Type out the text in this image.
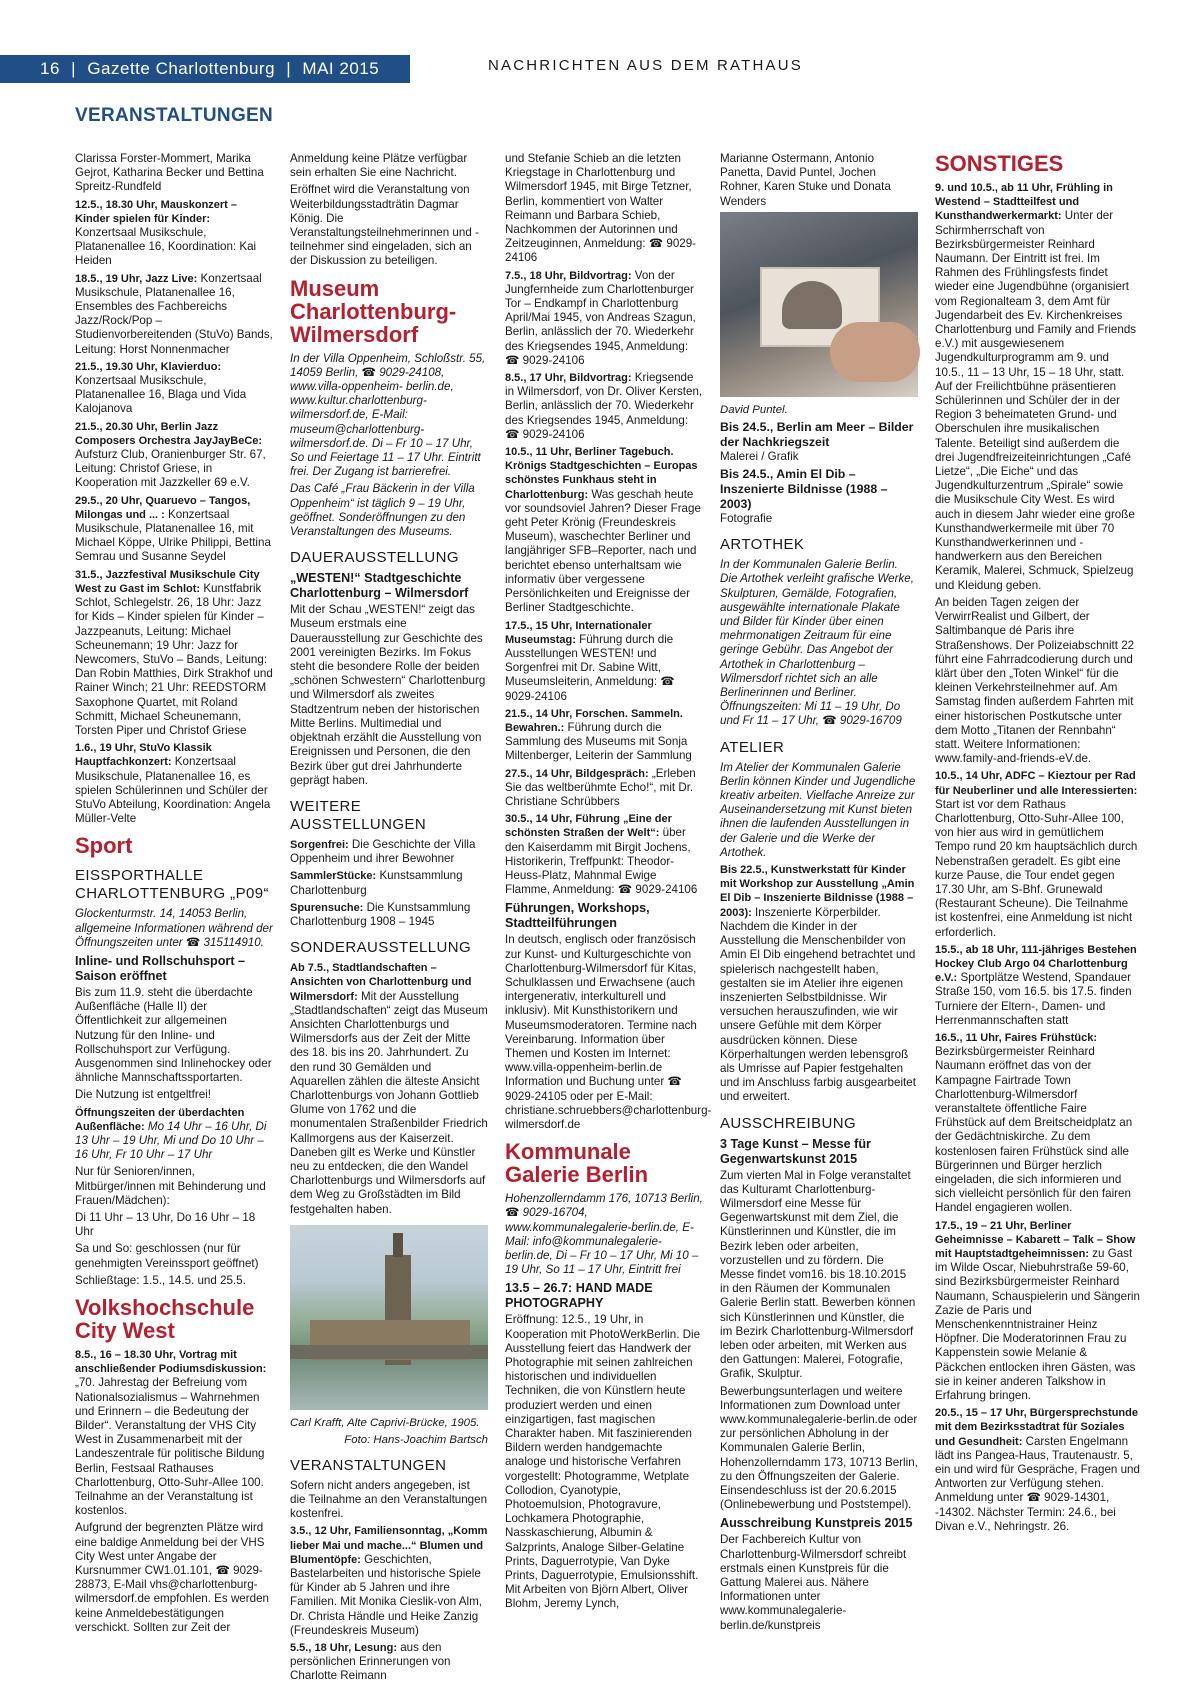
16 | Gazette Charlottenburg | MAI 2015	NACHRICHTEN AUS DEM RATHAUS
VERANSTALTUNGEN

Clarissa Forster-Mommert, Marika Gejrot, Katharina Becker und Bettina Spreitz-Rundfeld

12.5., 18.30 Uhr, Mauskonzert – Kinder spielen für Kinder: Konzertsaal Musikschule, Platanenallee 16, Koordination: Kai Heiden

18.5., 19 Uhr, Jazz Live: Konzertsaal Musikschule, Platanenallee 16, Ensembles des Fachbereichs Jazz/Rock/Pop – Studienvorbereitenden (StuVo) Bands, Leitung: Horst Nonnenmacher

21.5., 19.30 Uhr, Klavierduo: Konzertsaal Musikschule, Platanenallee 16, Blaga und Vida Kalojanova

21.5., 20.30 Uhr, Berlin Jazz Composers Orchestra JayJayBeCe: Aufsturz Club, Oranienburger Str. 67, Leitung: Christof Griese, in Kooperation mit Jazzkeller 69 e.V.

29.5., 20 Uhr, Quaruevo – Tangos, Milongas und ... : Konzertsaal Musikschule, Platanenallee 16, mit Michael Köppe, Ulrike Philippi, Bettina Semrau und Susanne Seydel

31.5., Jazzfestival Musikschule City West zu Gast im Schlot: Kunstfabrik Schlot, Schlegelstr. 26, 18 Uhr: Jazz for Kids – Kinder spielen für Kinder – Jazzpeanuts, Leitung: Michael Scheunemann; 19 Uhr: Jazz for Newcomers, StuVo – Bands, Leitung: Dan Robin Matthies, Dirk Strakhof und Rainer Winch; 21 Uhr: REEDSTORM Saxophone Quartet, mit Roland Schmitt, Michael Scheunemann, Torsten Piper und Christof Griese

1.6., 19 Uhr, StuVo Klassik Hauptfachkonzert: Konzertsaal Musikschule, Platanenallee 16, es spielen Schülerinnen und Schüler der StuVo Abteilung, Koordination: Angela Müller-Velte

Sport
EISSPORTHALLE CHARLOTTENBURG „P09“

Glockenturmstr. 14, 14053 Berlin, allgemeine Informationen während der Öffnungszeiten unter ☎ 315114910.

Inline- und Rollschuhsport – Saison eröffnet

Bis zum 11.9. steht die überdachte Außenfläche (Halle II) der Öffentlichkeit zur allgemeinen Nutzung für den Inline- und Rollschuhsport zur Verfügung. Ausgenommen sind Inlinehockey oder ähnliche Mannschaftssportarten.

Die Nutzung ist entgeltfrei!

Öffnungszeiten der überdachten Außenfläche: Mo 14 Uhr – 16 Uhr, Di 13 Uhr – 19 Uhr, Mi und Do 10 Uhr – 16 Uhr, Fr 10 Uhr – 17 Uhr

Nur für Senioren/innen, Mitbürger/innen mit Behinderung und Frauen/Mädchen):

Di 11 Uhr – 13 Uhr, Do 16 Uhr – 18 Uhr

Sa und So: geschlossen (nur für genehmigten Vereinssport geöffnet)

Schließtage: 1.5., 14.5. und 25.5.

Volkshochschule City West

8.5., 16 – 18.30 Uhr, Vortrag mit anschließender Podiumsdiskussion: „70. Jahrestag der Befreiung vom Nationalsozialismus – Wahrnehmen und Erinnern – die Bedeutung der Bilder“. Veranstaltung der VHS City West in Zusammenarbeit mit der Landeszentrale für politische Bildung Berlin, Festsaal Rathauses Charlottenburg, Otto-Suhr-Allee 100. Teilnahme an der Veranstaltung ist kostenlos.

Aufgrund der begrenzten Plätze wird eine baldige Anmeldung bei der VHS City West unter Angabe der Kursnummer CW1.01.101, ☎ 9029-28873, E-Mail vhs@charlottenburg-wilmersdorf.de empfohlen. Es werden keine Anmeldebestätigungen verschickt. Sollten zur Zeit der

Anmeldung keine Plätze verfügbar sein erhalten Sie eine Nachricht.

Eröffnet wird die Veranstaltung von Weiterbildungsstadträtin Dagmar König. Die Veranstaltungsteilnehmerinnen und -teilnehmer sind eingeladen, sich an der Diskussion zu beteiligen.

Museum Charlottenburg-Wilmersdorf

In der Villa Oppenheim, Schloßstr. 55, 14059 Berlin, ☎ 9029-24108, www.villa-oppenheim- berlin.de, www.kultur.charlottenburg-wilmersdorf.de, E-Mail: museum@charlottenburg-wilmersdorf.de. Di – Fr 10 – 17 Uhr, So und Feiertage 11 – 17 Uhr. Eintritt frei. Der Zugang ist barrierefrei.

Das Café „Frau Bäckerin in der Villa Oppenheim“ ist täglich 9 – 19 Uhr, geöffnet. Sonderöffnungen zu den Veranstaltungen des Museums.

DAUERAUSSTELLUNG
„WESTEN!“ Stadtgeschichte Charlottenburg – Wilmersdorf

Mit der Schau „WESTEN!“ zeigt das Museum erstmals eine Dauerausstellung zur Geschichte des 2001 vereinigten Bezirks. Im Fokus steht die besondere Rolle der beiden „schönen Schwestern“ Charlottenburg und Wilmersdorf als zweites Stadtzentrum neben der historischen Mitte Berlins. Multimedial und objektnah erzählt die Ausstellung von Ereignissen und Personen, die den Bezirk über gut drei Jahrhunderte geprägt haben.

WEITERE AUSSTELLUNGEN

Sorgenfrei: Die Geschichte der Villa Oppenheim und ihrer Bewohner

SammlerStücke: Kunstsammlung Charlottenburg

Spurensuche: Die Kunstsammlung Charlottenburg 1908 – 1945

SONDERAUSSTELLUNG

Ab 7.5., Stadtlandschaften – Ansichten von Charlottenburg und Wilmersdorf: Mit der Ausstellung „Stadtlandschaften“ zeigt das Museum Ansichten Charlottenburgs und Wilmersdorfs aus der Zeit der Mitte des 18. bis ins 20. Jahrhundert. Zu den rund 30 Gemälden und Aquarellen zählen die älteste Ansicht Charlottenburgs von Johann Gottlieb Glume von 1762 und die monumentalen Straßenbilder Friedrich Kallmorgens aus der Kaiserzeit. Daneben gilt es Werke und Künstler neu zu entdecken, die den Wandel Charlottenburgs und Wilmersdorfs auf dem Weg zu Großstädten im Bild festgehalten haben.

Carl Krafft, Alte Caprivi-Brücke, 1905.

Foto: Hans-Joachim Bartsch

VERANSTALTUNGEN

Sofern nicht anders angegeben, ist die Teilnahme an den Veranstaltungen kostenfrei.

3.5., 12 Uhr, Familiensonntag, „Komm lieber Mai und mache...“ Blumen und Blumentöpfe: Geschichten, Bastelarbeiten und historische Spiele für Kinder ab 5 Jahren und ihre Familien. Mit Monika Cieslik-von Alm, Dr. Christa Händle und Heike Zanzig (Freundeskreis Museum)

5.5., 18 Uhr, Lesung: aus den persönlichen Erinnerungen von Charlotte Reimann

und Stefanie Schieb an die letzten Kriegstage in Charlottenburg und Wilmersdorf 1945, mit Birge Tetzner, Berlin, kommentiert von Walter Reimann und Barbara Schieb, Nachkommen der Autorinnen und Zeitzeuginnen, Anmeldung: ☎ 9029-24106

7.5., 18 Uhr, Bildvortrag: Von der Jungfernheide zum Charlottenburger Tor – Endkampf in Charlottenburg April/Mai 1945, von Andreas Szagun, Berlin, anlässlich der 70. Wiederkehr des Kriegsendes 1945, Anmeldung: ☎ 9029-24106

8.5., 17 Uhr, Bildvortrag: Kriegsende in Wilmersdorf, von Dr. Oliver Kersten, Berlin, anlässlich der 70. Wiederkehr des Kriegsendes 1945, Anmeldung: ☎ 9029-24106

10.5., 11 Uhr, Berliner Tagebuch. Krönigs Stadtgeschichten – Europas schönstes Funkhaus steht in Charlottenburg: Was geschah heute vor soundsoviel Jahren? Dieser Frage geht Peter Krönig (Freundeskreis Museum), waschechter Berliner und langjähriger SFB–Reporter, nach und berichtet ebenso unterhaltsam wie informativ über vergessene Persönlichkeiten und Ereignisse der Berliner Stadtgeschichte.

17.5., 15 Uhr, Internationaler Museumstag: Führung durch die Ausstellungen WESTEN! und Sorgenfrei mit Dr. Sabine Witt, Museumsleiterin, Anmeldung: ☎ 9029-24106

21.5., 14 Uhr, Forschen. Sammeln. Bewahren.: Führung durch die Sammlung des Museums mit Sonja Miltenberger, Leiterin der Sammlung

27.5., 14 Uhr, Bildgespräch: „Erleben Sie das weltberühmte Echo!“, mit Dr. Christiane Schrübbers

30.5., 14 Uhr, Führung „Eine der schönsten Straßen der Welt“: über den Kaiserdamm mit Birgit Jochens, Historikerin, Treffpunkt: Theodor-Heuss-Platz, Mahnmal Ewige Flamme, Anmeldung: ☎ 9029-24106

Führungen, Workshops, Stadtteilführungen

In deutsch, englisch oder französisch zur Kunst- und Kulturgeschichte von Charlottenburg-Wilmersdorf für Kitas, Schulklassen und Erwachsene (auch intergenerativ, interkulturell und inklusiv). Mit Kunsthistorikern und Museumsmoderatoren. Termine nach Vereinbarung. Information über Themen und Kosten im Internet: www.villa-oppenheim-berlin.de Information und Buchung unter ☎ 9029-24105 oder per E-Mail: christiane.schruebbers@charlottenburg-wilmersdorf.de

Kommunale Galerie Berlin

Hohenzollerndamm 176, 10713 Berlin, ☎ 9029-16704, www.kommunalegalerie-berlin.de, E-Mail: info@kommunalegalerie-berlin.de, Di – Fr 10 – 17 Uhr, Mi 10 – 19 Uhr, So 11 – 17 Uhr, Eintritt frei

13.5 – 26.7: HAND MADE PHOTOGRAPHY

Eröffnung: 12.5., 19 Uhr, in Kooperation mit PhotoWerkBerlin. Die Ausstellung feiert das Handwerk der Photographie mit seinen zahlreichen historischen und individuellen Techniken, die von Künstlern heute produziert werden und einen einzigartigen, fast magischen Charakter haben. Mit faszinierenden Bildern werden handgemachte analoge und historische Verfahren vorgestellt: Photogramme, Wetplate Collodion, Cyanotypie, Photoemulsion, Photogravure, Lochkamera Photographie, Nasskaschierung, Albumin & Salzprints, Analoge Silber-Gelatine Prints, Daguerrotypie, Van Dyke Prints, Daguerrotypie, Emulsionsshift. Mit Arbeiten von Björn Albert, Oliver Blohm, Jeremy Lynch,

Marianne Ostermann, Antonio Panetta, David Puntel, Jochen Rohner, Karen Stuke und Donata Wenders

David Puntel.

Bis 24.5., Berlin am Meer – Bilder der Nachkriegszeit

Malerei / Grafik

Bis 24.5., Amin El Dib – Inszenierte Bildnisse (1988 – 2003)

Fotografie

ARTOTHEK

In der Kommunalen Galerie Berlin. Die Artothek verleiht grafische Werke, Skulpturen, Gemälde, Fotografien, ausgewählte internationale Plakate und Bilder für Kinder über einen mehrmonatigen Zeitraum für eine geringe Gebühr. Das Angebot der Artothek in Charlottenburg – Wilmersdorf richtet sich an alle Berlinerinnen und Berliner. Öffnungszeiten: Mi 11 – 19 Uhr, Do und Fr 11 – 17 Uhr, ☎ 9029-16709

ATELIER

Im Atelier der Kommunalen Galerie Berlin können Kinder und Jugendliche kreativ arbeiten. Vielfache Anreize zur Auseinandersetzung mit Kunst bieten ihnen die laufenden Ausstellungen in der Galerie und die Werke der Artothek.

Bis 22.5., Kunstwerkstatt für Kinder mit Workshop zur Ausstellung „Amin El Dib – Inszenierte Bildnisse (1988 – 2003): Inszenierte Körperbilder. Nachdem die Kinder in der Ausstellung die Menschenbilder von Amin El Dib eingehend betrachtet und spielerisch nachgestellt haben, gestalten sie im Atelier ihre eigenen inszenierten Selbstbildnisse. Wir versuchen herauszufinden, wie wir unsere Gefühle mit dem Körper ausdrücken können. Diese Körperhaltungen werden lebensgroß als Umrisse auf Papier festgehalten und im Anschluss farbig ausgearbeitet und erweitert.

AUSSCHREIBUNG
3 Tage Kunst – Messe für Gegenwartskunst 2015

Zum vierten Mal in Folge veranstaltet das Kulturamt Charlottenburg-Wilmersdorf eine Messe für Gegenwartskunst mit dem Ziel, die Künstlerinnen und Künstler, die im Bezirk leben oder arbeiten, vorzustellen und zu fördern. Die Messe findet vom16. bis 18.10.2015 in den Räumen der Kommunalen Galerie Berlin statt. Bewerben können sich Künstlerinnen und Künstler, die im Bezirk Charlottenburg-Wilmersdorf leben oder arbeiten, mit Werken aus den Gattungen: Malerei, Fotografie, Grafik, Skulptur.

Bewerbungsunterlagen und weitere Informationen zum Download unter www.kommunalegalerie-berlin.de oder zur persönlichen Abholung in der Kommunalen Galerie Berlin, Hohenzollerndamm 173, 10713 Berlin, zu den Öffnungszeiten der Galerie. Einsendeschluss ist der 20.6.2015 (Onlinebewerbung und Poststempel).

Ausschreibung Kunstpreis 2015

Der Fachbereich Kultur von Charlottenburg-Wilmersdorf schreibt erstmals einen Kunstpreis für die Gattung Malerei aus. Nähere Informationen unter www.kommunalegalerie-berlin.de/kunstpreis

SONSTIGES

9. und 10.5., ab 11 Uhr, Frühling in Westend – Stadtteilfest und Kunsthandwerkermarkt: Unter der Schirmherrschaft von Bezirksbürgermeister Reinhard Naumann. Der Eintritt ist frei. Im Rahmen des Frühlingsfests findet wieder eine Jugendbühne (organisiert vom Regionalteam 3, dem Amt für Jugendarbeit des Ev. Kirchenkreises Charlottenburg und Family and Friends e.V.) mit ausgewiesenem Jugendkulturprogramm am 9. und 10.5., 11 – 13 Uhr, 15 – 18 Uhr, statt. Auf der Freilichtbühne präsentieren Schülerinnen und Schüler der in der Region 3 beheimateten Grund- und Oberschulen ihre musikalischen Talente. Beteiligt sind außerdem die drei Jugendfreizeiteinrichtungen „Café Lietze“, „Die Eiche“ und das Jugendkulturzentrum „Spirale“ sowie die Musikschule City West. Es wird auch in diesem Jahr wieder eine große Kunsthandwerkermeile mit über 70 Kunsthandwerkerinnen und -handwerkern aus den Bereichen Keramik, Malerei, Schmuck, Spielzeug und Kleidung geben.

An beiden Tagen zeigen der VerwirrRealist und Gilbert, der Saltimbanque dé Paris ihre Straßenshows. Der Polizeiabschnitt 22 führt eine Fahrradcodierung durch und klärt über den „Toten Winkel“ für die kleinen Verkehrsteilnehmer auf. Am Samstag finden außerdem Fahrten mit einer historischen Postkutsche unter dem Motto „Titanen der Rennbahn“ statt. Weitere Informationen: www.family-and-friends-eV.de.

10.5., 14 Uhr, ADFC – Kieztour per Rad für Neuberliner und alle Interessierten: Start ist vor dem Rathaus Charlottenburg, Otto-Suhr-Allee 100, von hier aus wird in gemütlichem Tempo rund 20 km hauptsächlich durch Nebenstraßen geradelt. Es gibt eine kurze Pause, die Tour endet gegen 17.30 Uhr, am S-Bhf. Grunewald (Restaurant Scheune). Die Teilnahme ist kostenfrei, eine Anmeldung ist nicht erforderlich.

15.5., ab 18 Uhr, 111-jähriges Bestehen Hockey Club Argo 04 Charlottenburg e.V.: Sportplätze Westend, Spandauer Straße 150, vom 16.5. bis 17.5. finden Turniere der Eltern-, Damen- und Herrenmannschaften statt

16.5., 11 Uhr, Faires Frühstück: Bezirksbürgermeister Reinhard Naumann eröffnet das von der Kampagne Fairtrade Town Charlottenburg-Wilmersdorf veranstaltete öffentliche Faire Frühstück auf dem Breitscheidplatz an der Gedächtniskirche. Zu dem kostenlosen fairen Frühstück sind alle Bürgerinnen und Bürger herzlich eingeladen, die sich informieren und sich vielleicht persönlich für den fairen Handel engagieren wollen.

17.5., 19 – 21 Uhr, Berliner Geheimnisse – Kabarett – Talk – Show mit Hauptstadtgeheimnissen: zu Gast im Wilde Oscar, Niebuhrstraße 59-60, sind Bezirksbürgermeister Reinhard Naumann, Schauspielerin und Sängerin Zazie de Paris und Menschenkenntnistrainer Heinz Höpfner. Die Moderatorinnen Frau zu Kappenstein sowie Melanie & Päckchen entlocken ihren Gästen, was sie in keiner anderen Talkshow in Erfahrung bringen.

20.5., 15 – 17 Uhr, Bürgersprechstunde mit dem Bezirksstadtrat für Soziales und Gesundheit: Carsten Engelmann lädt ins Pangea-Haus, Trautenaustr. 5, ein und wird für Gespräche, Fragen und Antworten zur Verfügung stehen. Anmeldung unter ☎ 9029-14301, -14302. Nächster Termin: 24.6., bei Divan e.V., Nehringstr. 26.
